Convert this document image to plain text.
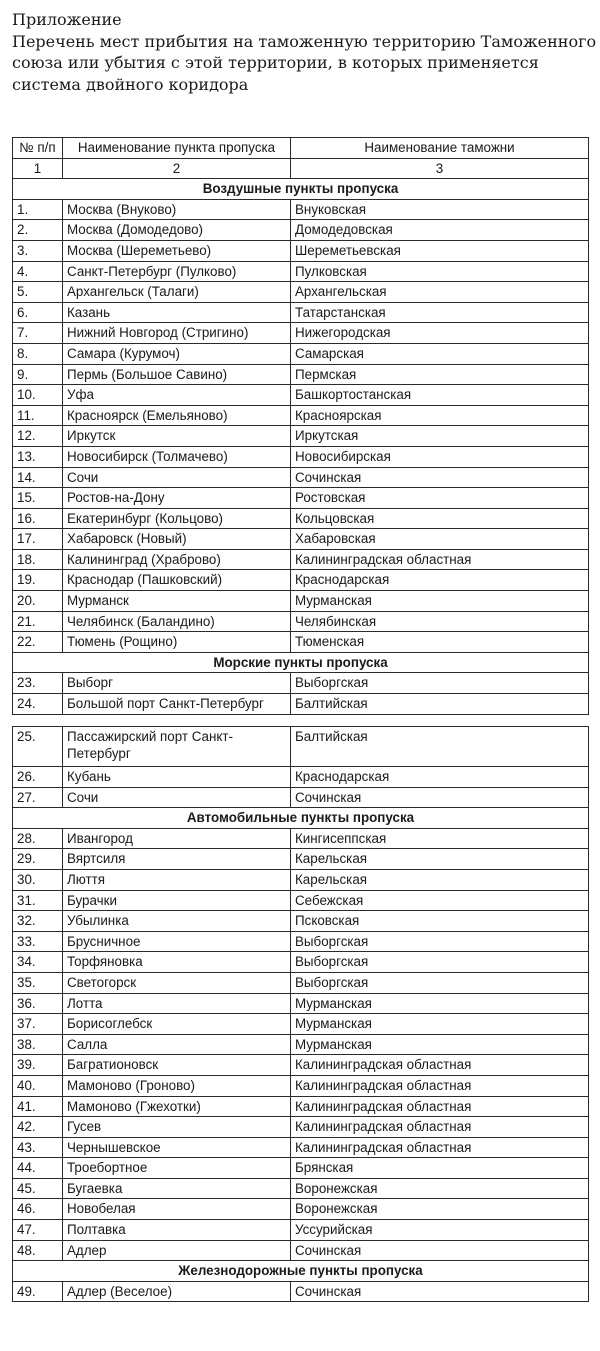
Приложение
Перечень мест прибытия на таможенную территорию Таможенного
союза или убытия с этой территории, в которых применяется
система двойного коридора
№ п/п	Наименование пункта пропуска	Наименование таможни
1	2	3
Воздушные пункты пропуска		
1.	Москва (Внуково)	Внуковская
2.	Москва (Домодедово)	Домодедовская
3.	Москва (Шереметьево)	Шереметьевская
4.	Санкт-Петербург (Пулково)	Пулковская
5.	Архангельск (Талаги)	Архангельская
6.	Казань	Татарстанская
7.	Нижний Новгород (Стригино)	Нижегородская
8.	Самара (Курумоч)	Самарская
9.	Пермь (Большое Савино)	Пермская
10.	Уфа	Башкортостанская
11.	Красноярск (Емельяново)	Красноярская
12.	Иркутск	Иркутская
13.	Новосибирск (Толмачево)	Новосибирская
14.	Сочи	Сочинская
15.	Ростов-на-Дону	Ростовская
16.	Екатеринбург (Кольцово)	Кольцовская
17.	Хабаровск (Новый)	Хабаровская
18.	Калининград (Храброво)	Калининградская областная
19.	Краснодар (Пашковский)	Краснодарская
20.	Мурманск	Мурманская
21.	Челябинск (Баландино)	Челябинская
22.	Тюмень (Рощино)	Тюменская
Морские пункты пропуска		
23.	Выборг	Выборгская
24.	Большой порт Санкт-Петербург	Балтийская
25.	Пассажирский порт Санкт-Петербург	Балтийская
26.	Кубань	Краснодарская
27.	Сочи	Сочинская
Автомобильные пункты пропуска		
28.	Ивангород	Кингисеппская
29.	Вяртсиля	Карельская
30.	Люття	Карельская
31.	Бурачки	Себежская
32.	Убылинка	Псковская
33.	Брусничное	Выборгская
34.	Торфяновка	Выборгская
35.	Светогорск	Выборгская
36.	Лотта	Мурманская
37.	Борисоглебск	Мурманская
38.	Салла	Мурманская
39.	Багратионовск	Калининградская областная
40.	Мамоново (Гроново)	Калининградская областная
41.	Мамоново (Гжехотки)	Калининградская областная
42.	Гусев	Калининградская областная
43.	Чернышевское	Калининградская областная
44.	Троебортное	Брянская
45.	Бугаевка	Воронежская
46.	Новобелая	Воронежская
47.	Полтавка	Уссурийская
48.	Адлер	Сочинская
Железнодорожные пункты пропуска		
49.	Адлер (Веселое)	Сочинская
